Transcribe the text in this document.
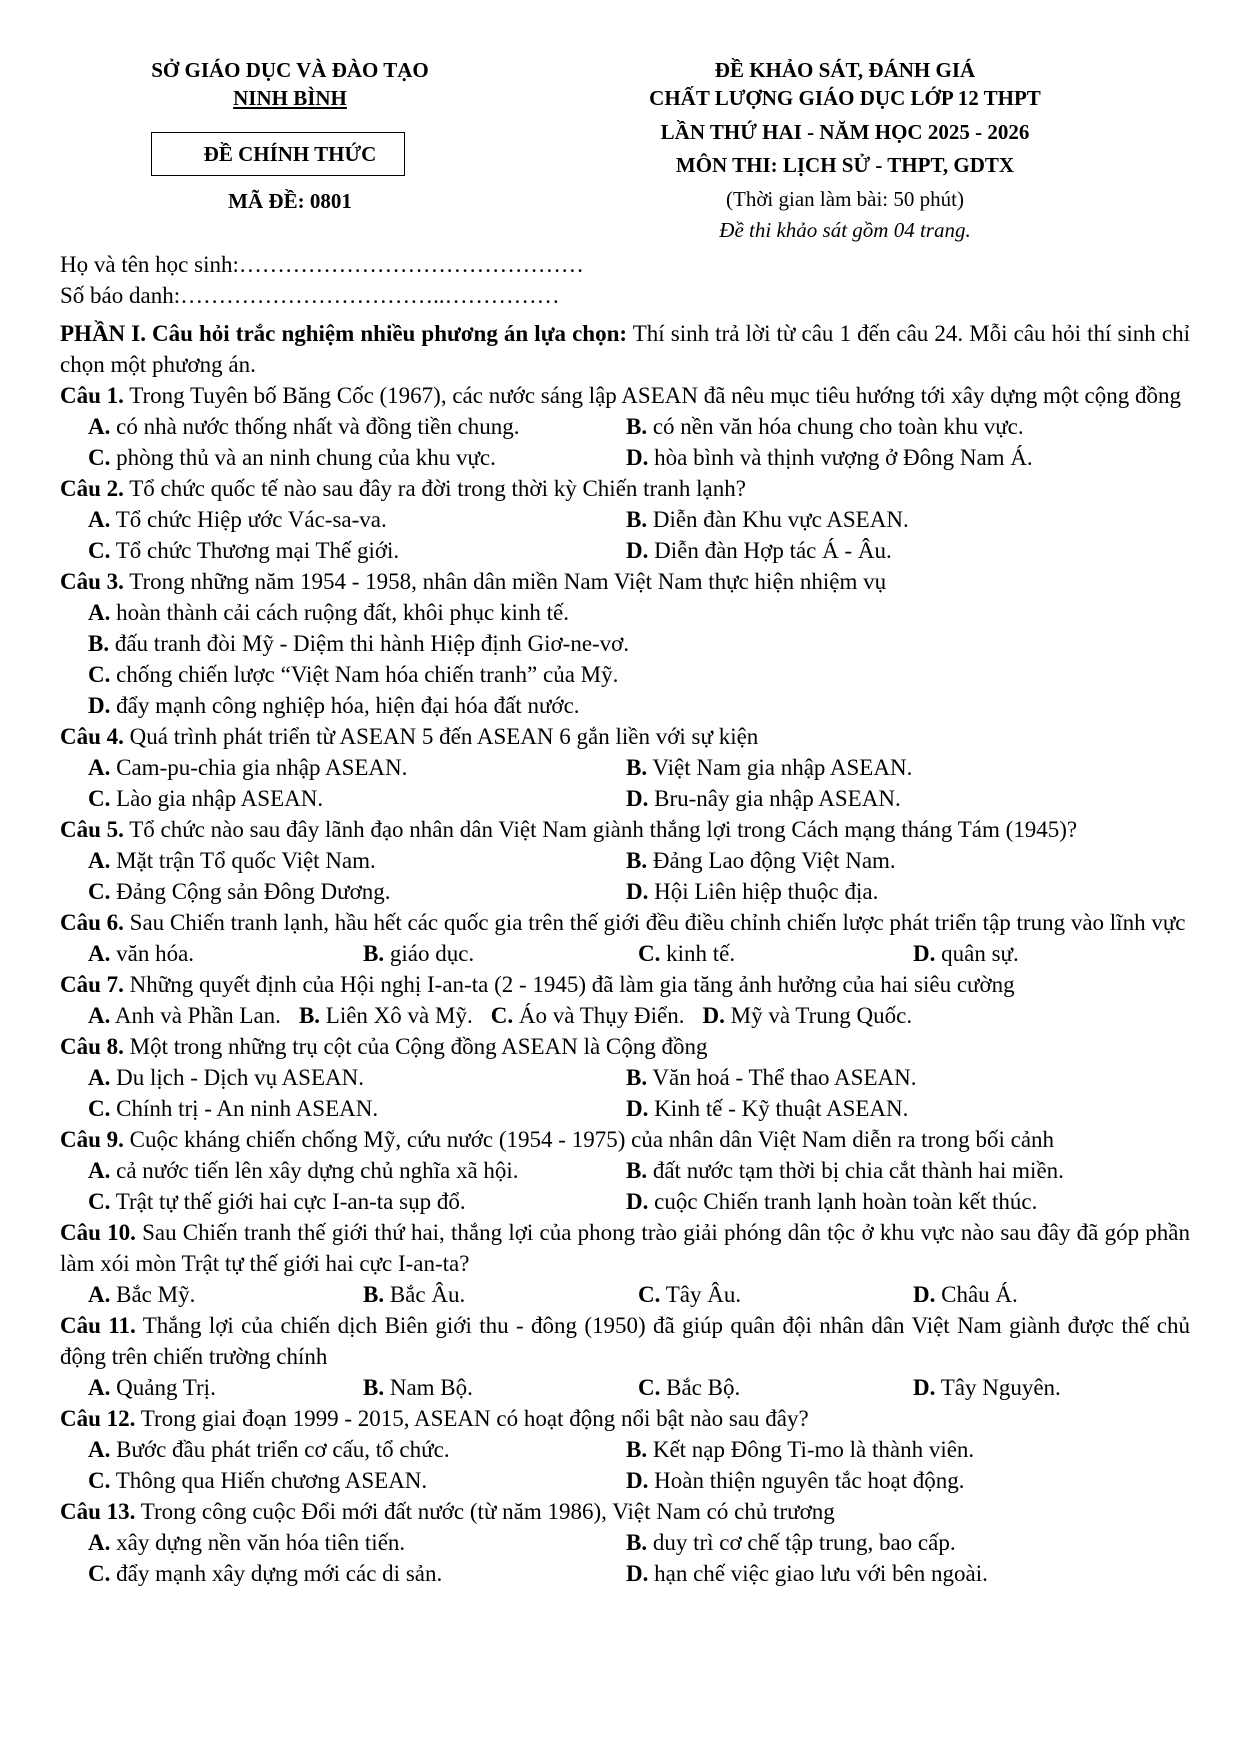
SỞ GIÁO DỤC VÀ ĐÀO TẠO
NINH BÌNH
ĐỀ CHÍNH THỨC
MÃ ĐỀ: 0801
ĐỀ KHẢO SÁT, ĐÁNH GIÁ
CHẤT LƯỢNG GIÁO DỤC LỚP 12 THPT
LẦN THỨ HAI - NĂM HỌC 2025 - 2026
MÔN THI: LỊCH SỬ - THPT, GDTX
(Thời gian làm bài: 50 phút)
Đề thi khảo sát gồm 04 trang.
Họ và tên học sinh:………………………………………
Số báo danh:……………………………..……………

PHẦN I. Câu hỏi trắc nghiệm nhiều phương án lựa chọn: Thí sinh trả lời từ câu 1 đến câu 24. Mỗi câu hỏi thí sinh chỉ chọn một phương án.

Câu 1. Trong Tuyên bố Băng Cốc (1967), các nước sáng lập ASEAN đã nêu mục tiêu hướng tới xây dựng một cộng đồng

A. có nhà nước thống nhất và đồng tiền chung.	B. có nền văn hóa chung cho toàn khu vực.
C. phòng thủ và an ninh chung của khu vực.	D. hòa bình và thịnh vượng ở Đông Nam Á.

Câu 2. Tổ chức quốc tế nào sau đây ra đời trong thời kỳ Chiến tranh lạnh?

A. Tổ chức Hiệp ước Vác-sa-va.	B. Diễn đàn Khu vực ASEAN.
C. Tổ chức Thương mại Thế giới.	D. Diễn đàn Hợp tác Á - Âu.

Câu 3. Trong những năm 1954 - 1958, nhân dân miền Nam Việt Nam thực hiện nhiệm vụ

A. hoàn thành cải cách ruộng đất, khôi phục kinh tế.
B. đấu tranh đòi Mỹ - Diệm thi hành Hiệp định Giơ-ne-vơ.
C. chống chiến lược “Việt Nam hóa chiến tranh” của Mỹ.
D. đẩy mạnh công nghiệp hóa, hiện đại hóa đất nước.

Câu 4. Quá trình phát triển từ ASEAN 5 đến ASEAN 6 gắn liền với sự kiện

A. Cam-pu-chia gia nhập ASEAN.	B. Việt Nam gia nhập ASEAN.
C. Lào gia nhập ASEAN.	D. Bru-nây gia nhập ASEAN.

Câu 5. Tổ chức nào sau đây lãnh đạo nhân dân Việt Nam giành thắng lợi trong Cách mạng tháng Tám (1945)?

A. Mặt trận Tổ quốc Việt Nam.	B. Đảng Lao động Việt Nam.
C. Đảng Cộng sản Đông Dương.	D. Hội Liên hiệp thuộc địa.

Câu 6. Sau Chiến tranh lạnh, hầu hết các quốc gia trên thế giới đều điều chỉnh chiến lược phát triển tập trung vào lĩnh vực

A. văn hóa.	B. giáo dục.	C. kinh tế.	D. quân sự.

Câu 7. Những quyết định của Hội nghị I-an-ta (2 - 1945) đã làm gia tăng ảnh hưởng của hai siêu cường

A. Anh và Phần Lan. B. Liên Xô và Mỹ. C. Áo và Thụy Điển. D. Mỹ và Trung Quốc.

Câu 8. Một trong những trụ cột của Cộng đồng ASEAN là Cộng đồng

A. Du lịch - Dịch vụ ASEAN.	B. Văn hoá - Thể thao ASEAN.
C. Chính trị - An ninh ASEAN.	D. Kinh tế - Kỹ thuật ASEAN.

Câu 9. Cuộc kháng chiến chống Mỹ, cứu nước (1954 - 1975) của nhân dân Việt Nam diễn ra trong bối cảnh

A. cả nước tiến lên xây dựng chủ nghĩa xã hội.	B. đất nước tạm thời bị chia cắt thành hai miền.
C. Trật tự thế giới hai cực I-an-ta sụp đổ.	D. cuộc Chiến tranh lạnh hoàn toàn kết thúc.

Câu 10. Sau Chiến tranh thế giới thứ hai, thắng lợi của phong trào giải phóng dân tộc ở khu vực nào sau đây đã góp phần làm xói mòn Trật tự thế giới hai cực I-an-ta?

A. Bắc Mỹ.	B. Bắc Âu.	C. Tây Âu.	D. Châu Á.

Câu 11. Thắng lợi của chiến dịch Biên giới thu - đông (1950) đã giúp quân đội nhân dân Việt Nam giành được thế chủ động trên chiến trường chính

A. Quảng Trị.	B. Nam Bộ.	C. Bắc Bộ.	D. Tây Nguyên.

Câu 12. Trong giai đoạn 1999 - 2015, ASEAN có hoạt động nổi bật nào sau đây?

A. Bước đầu phát triển cơ cấu, tổ chức.	B. Kết nạp Đông Ti-mo là thành viên.
C. Thông qua Hiến chương ASEAN.	D. Hoàn thiện nguyên tắc hoạt động.

Câu 13. Trong công cuộc Đổi mới đất nước (từ năm 1986), Việt Nam có chủ trương

A. xây dựng nền văn hóa tiên tiến.	B. duy trì cơ chế tập trung, bao cấp.
C. đẩy mạnh xây dựng mới các di sản.	D. hạn chế việc giao lưu với bên ngoài.
